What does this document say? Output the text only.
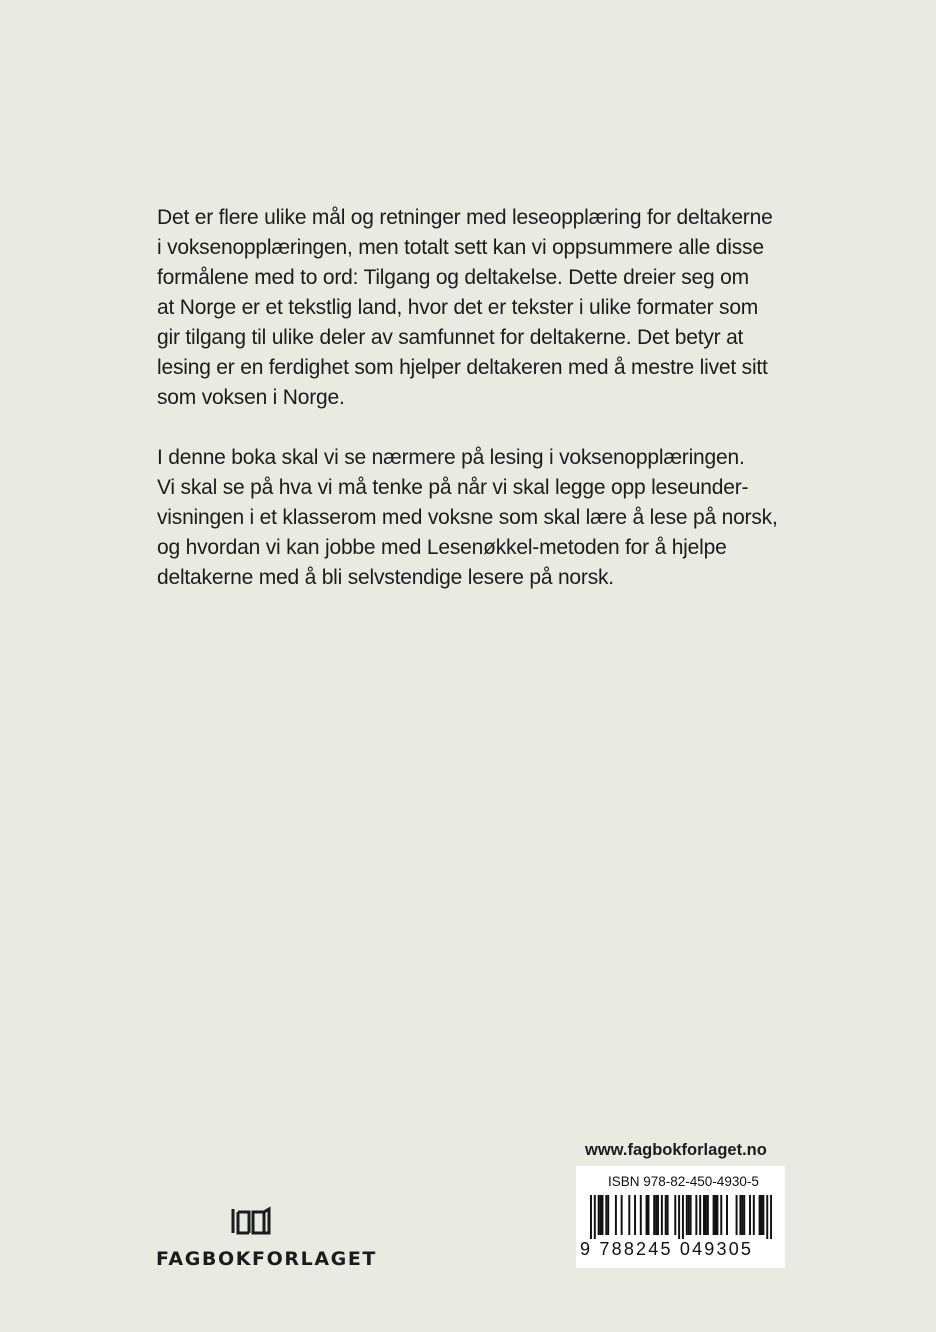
Det er flere ulike mål og retninger med leseopplæring for deltakerne
i voksenopplæringen, men totalt sett kan vi oppsummere alle disse
formålene med to ord: Tilgang og deltakelse. Dette dreier seg om
at Norge er et tekstlig land, hvor det er tekster i ulike formater som
gir tilgang til ulike deler av samfunnet for deltakerne. Det betyr at
lesing er en ferdighet som hjelper deltakeren med å mestre livet sitt
som voksen i Norge.

I denne boka skal vi se nærmere på lesing i voksenopplæringen.
Vi skal se på hva vi må tenke på når vi skal legge opp leseunder-
visningen i et klasserom med voksne som skal lære å lese på norsk,
og hvordan vi kan jobbe med Lesenøkkel-metoden for å hjelpe
deltakerne med å bli selvstendige lesere på norsk.

www.fagbokforlaget.no
ISBN 978-82-450-4930-5
9 788245 049305
FAGBOKFORLAGET
